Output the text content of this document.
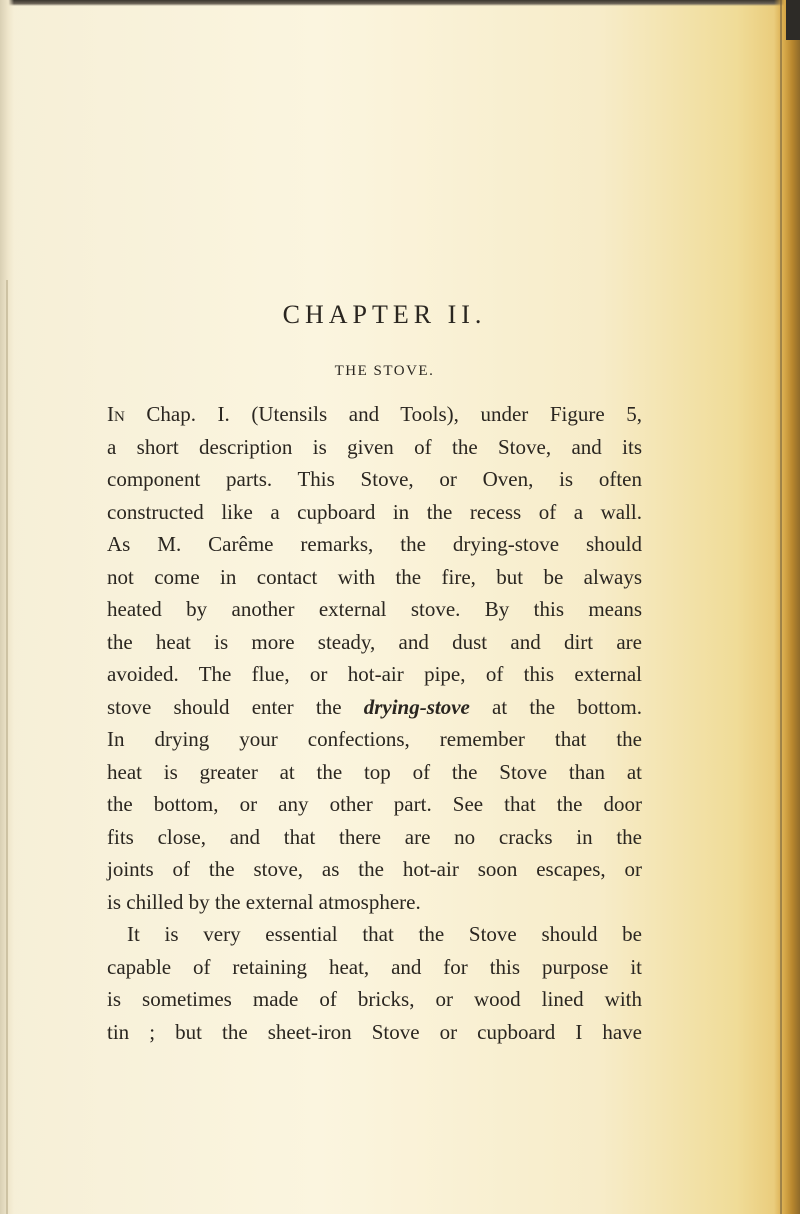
CHAPTER II.
THE STOVE.
In Chap. I. (Utensils and Tools), under Figure 5,
a short description is given of the Stove, and its
component parts. This Stove, or Oven, is often
constructed like a cupboard in the recess of a wall.
As M. Carême remarks, the drying-stove should
not come in contact with the fire, but be always
heated by another external stove. By this means
the heat is more steady, and dust and dirt are
avoided. The flue, or hot-air pipe, of this external
stove should enter the drying-stove at the bottom.
In drying your confections, remember that the
heat is greater at the top of the Stove than at
the bottom, or any other part. See that the door
fits close, and that there are no cracks in the
joints of the stove, as the hot-air soon escapes, or
is chilled by the external atmosphere.
It is very essential that the Stove should be
capable of retaining heat, and for this purpose it
is sometimes made of bricks, or wood lined with
tin ; but the sheet-iron Stove or cupboard I have
